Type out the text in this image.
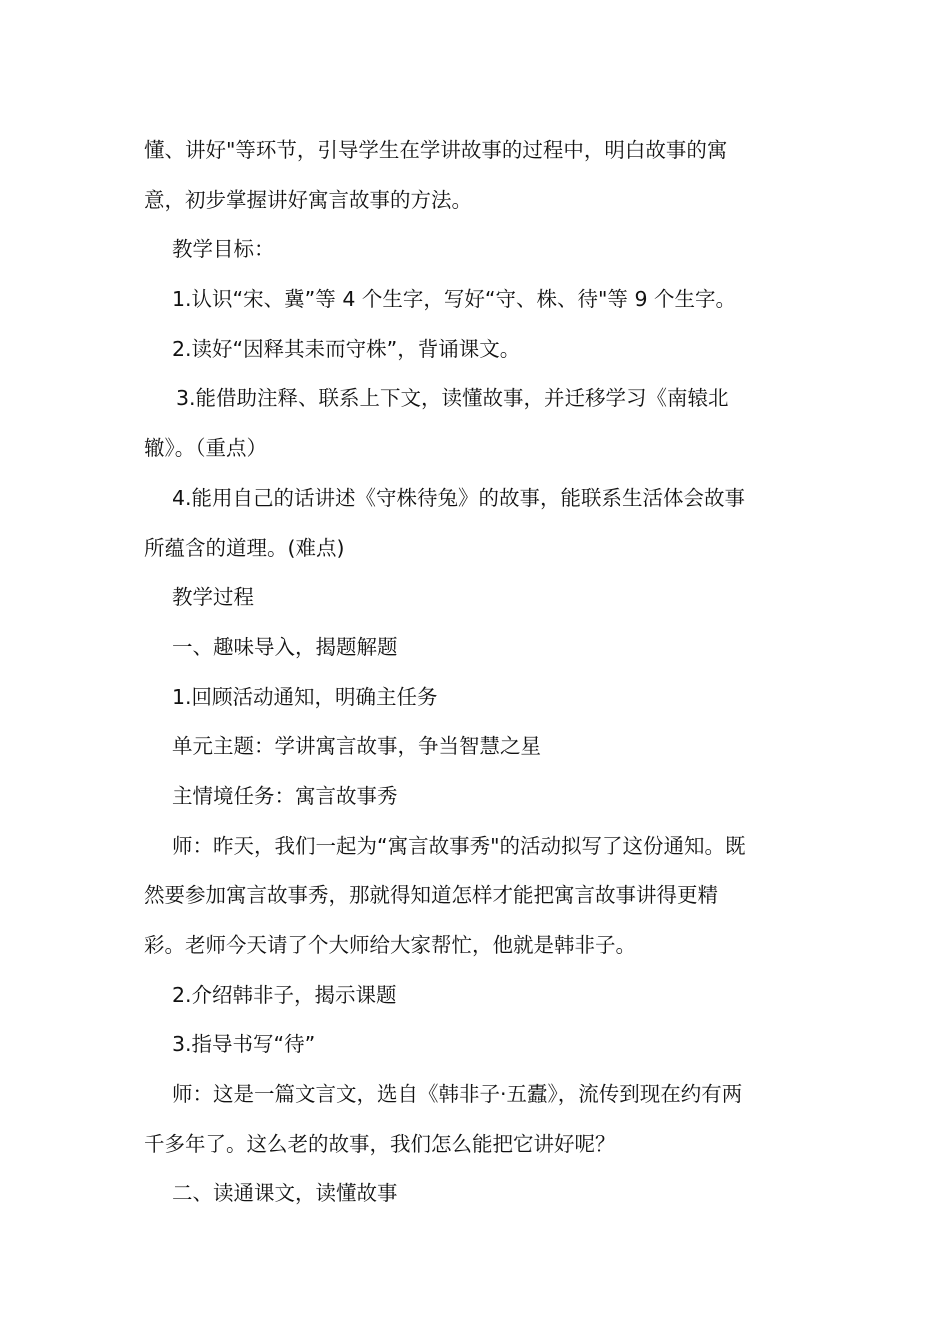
懂、讲好"等环节，引导学生在学讲故事的过程中，明白故事的寓
意，初步掌握讲好寓言故事的方法。
教学目标：
1.认识“宋、冀”等 4 个生字，写好“守、株、待"等 9 个生字。
2.读好“因释其耒而守株”，背诵课文。
3.能借助注释、联系上下文，读懂故事，并迁移学习《南辕北
辙》。（重点）
4.能用自己的话讲述《守株待兔》的故事，能联系生活体会故事
所蕴含的道理。(难点)
教学过程
一、趣味导入，揭题解题
1.回顾活动通知，明确主任务
单元主题：学讲寓言故事，争当智慧之星
主情境任务：寓言故事秀
师：昨天，我们一起为“寓言故事秀"的活动拟写了这份通知。既
然要参加寓言故事秀，那就得知道怎样才能把寓言故事讲得更精
彩。老师今天请了个大师给大家帮忙，他就是韩非子。
2.介绍韩非子，揭示课题
3.指导书写“待”
师：这是一篇文言文，选自《韩非子·五蠹》，流传到现在约有两
千多年了。这么老的故事，我们怎么能把它讲好呢？
二、读通课文，读懂故事
